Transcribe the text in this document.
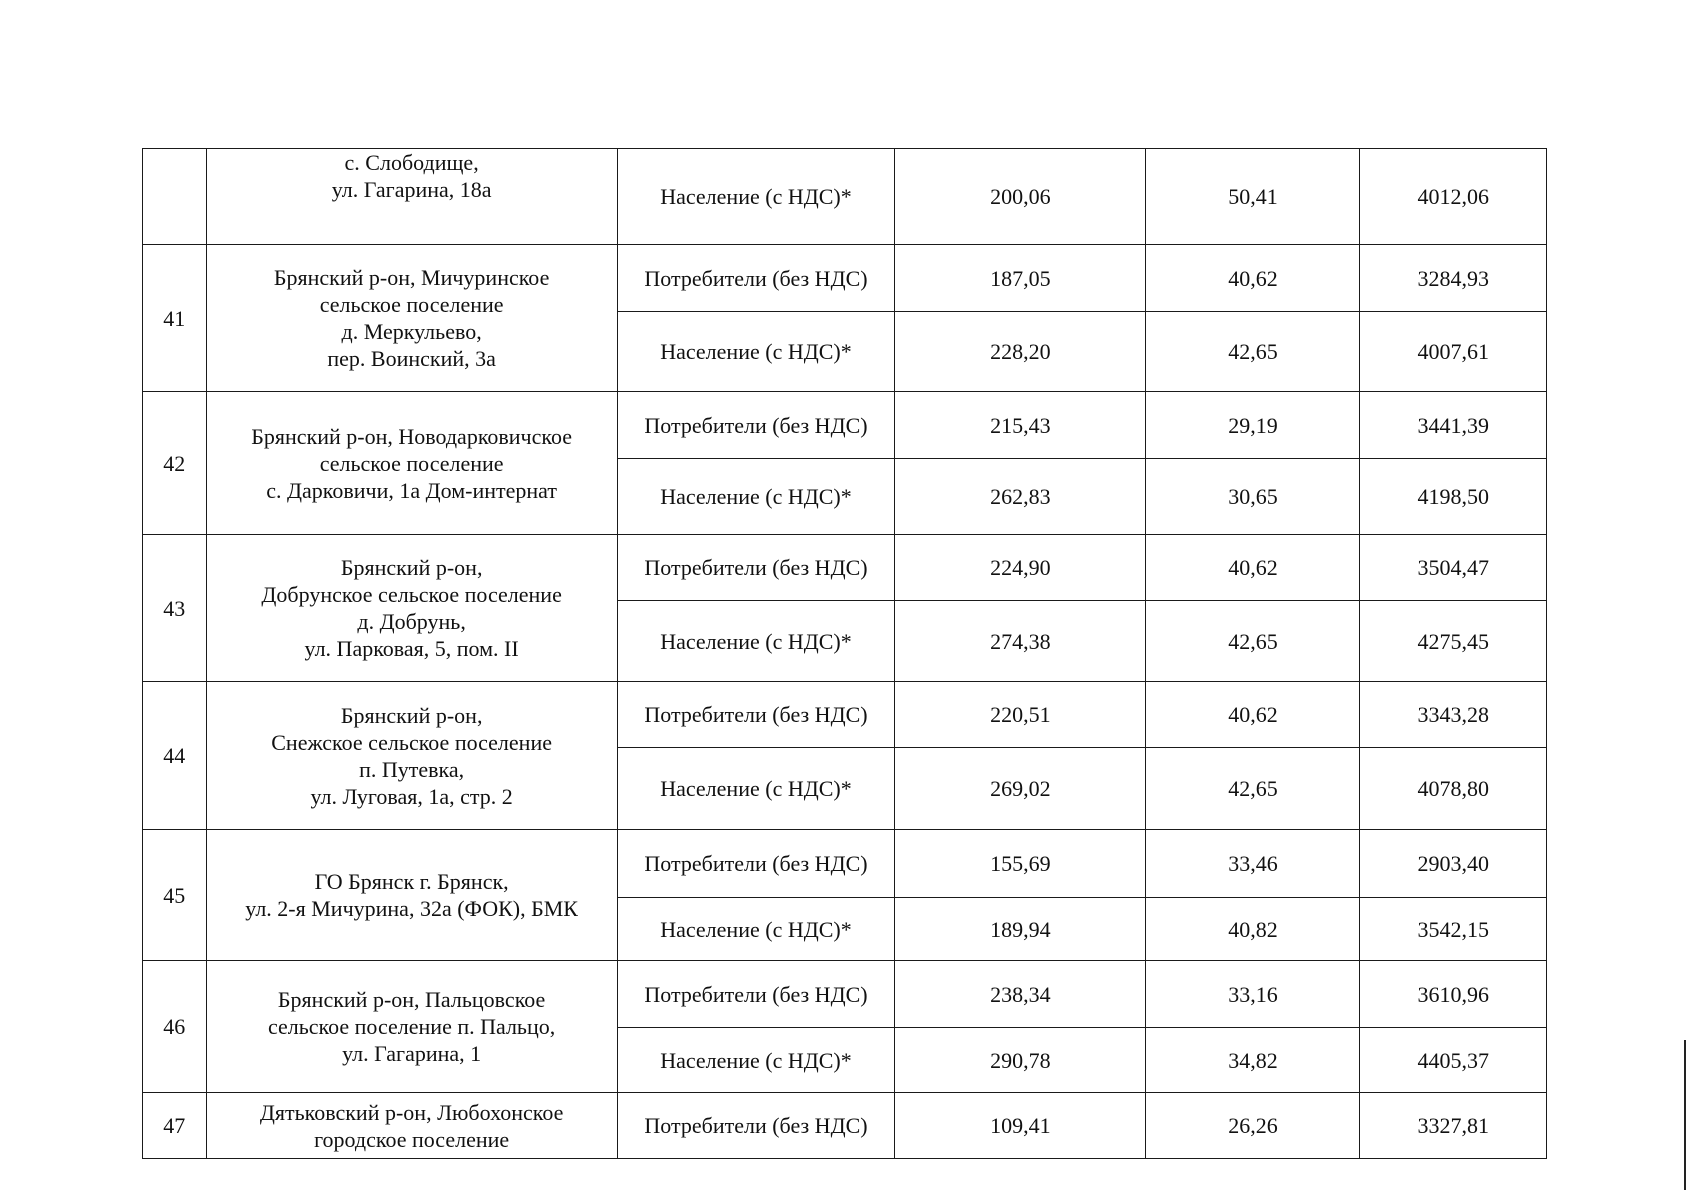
	с. Слободище,
ул. Гагарина, 18а	Население (с НДС)*	200,06	50,41	4012,06
41	Брянский р-он, Мичуринское
сельское поселение
д. Меркульево,
пер. Воинский, 3а	Потребители (без НДС)	187,05	40,62	3284,93
		Население (с НДС)*	228,20	42,65	4007,61
42	Брянский р-он, Новодарковичское
сельское поселение
с. Дарковичи, 1а Дом-интернат	Потребители (без НДС)	215,43	29,19	3441,39
		Население (с НДС)*	262,83	30,65	4198,50
43	Брянский р-он,
Добрунское сельское поселение
д. Добрунь,
ул. Парковая, 5, пом. II	Потребители (без НДС)	224,90	40,62	3504,47
		Население (с НДС)*	274,38	42,65	4275,45
44	Брянский р-он,
Снежское сельское поселение
п. Путевка,
ул. Луговая, 1а, стр. 2	Потребители (без НДС)	220,51	40,62	3343,28
		Население (с НДС)*	269,02	42,65	4078,80
45	ГО Брянск г. Брянск,
ул. 2-я Мичурина, 32а (ФОК), БМК	Потребители (без НДС)	155,69	33,46	2903,40
		Население (с НДС)*	189,94	40,82	3542,15
46	Брянский р-он, Пальцовское
сельское поселение п. Пальцо,
ул. Гагарина, 1	Потребители (без НДС)	238,34	33,16	3610,96
		Население (с НДС)*	290,78	34,82	4405,37
47	Дятьковский р-он, Любохонское
городское поселение	Потребители (без НДС)	109,41	26,26	3327,81
